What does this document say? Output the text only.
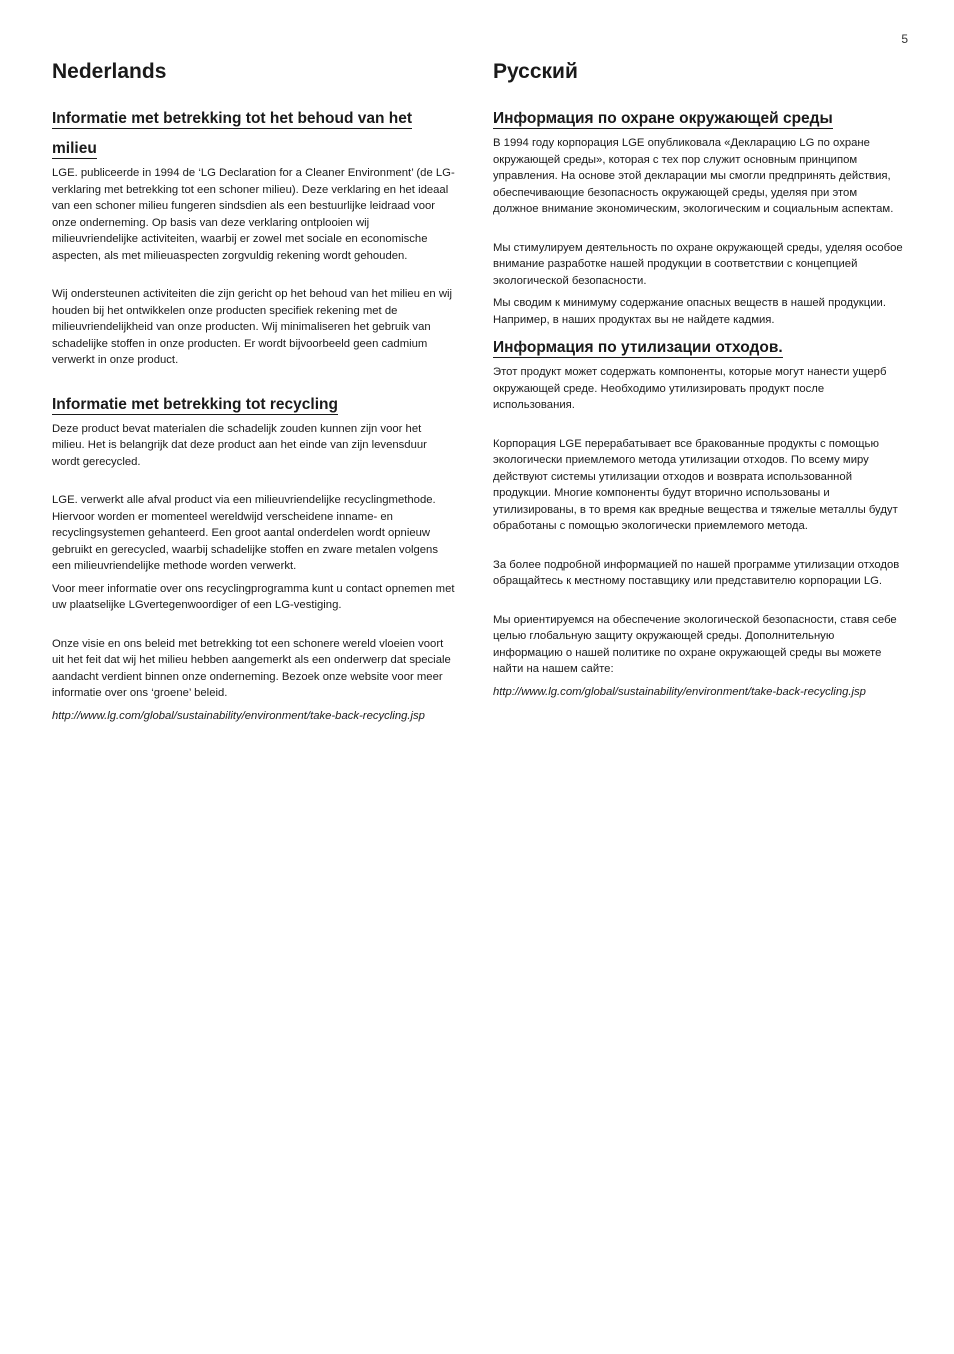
5
Nederlands
Informatie met betrekking tot het behoud van het
milieu

LGE. publiceerde in 1994 de ‘LG Declaration for a Cleaner Environment’ (de LG-verklaring met betrekking tot een schoner milieu). Deze verklaring en het ideaal van een schoner milieu fungeren sindsdien als een bestuurlijke leidraad voor onze onderneming. Op basis van deze verklaring ontplooien wij milieuvriendelijke activiteiten, waarbij er zowel met sociale en economische aspecten, als met milieuaspecten zorgvuldig rekening wordt gehouden.

Wij ondersteunen activiteiten die zijn gericht op het behoud van het milieu en wij houden bij het ontwikkelen onze producten specifiek rekening met de milieuvriendelijkheid van onze producten. Wij minimaliseren het gebruik van schadelijke stoffen in onze producten. Er wordt bijvoorbeeld geen cadmium verwerkt in onze product.

Informatie met betrekking tot recycling

Deze product bevat materialen die schadelijk zouden kunnen zijn voor het milieu. Het is belangrijk dat deze product aan het einde van zijn levensduur wordt gerecycled.

LGE. verwerkt alle afval product via een milieuvriendelijke recyclingmethode. Hiervoor worden er momenteel wereldwijd verscheidene inname- en recyclingsystemen gehanteerd. Een groot aantal onderdelen wordt opnieuw gebruikt en gerecycled, waarbij schadelijke stoffen en zware metalen volgens een milieuvriendelijke methode worden verwerkt.

Voor meer informatie over ons recyclingprogramma kunt u contact opnemen met uw plaatselijke LGvertegenwoordiger of een LG-vestiging.

Onze visie en ons beleid met betrekking tot een schonere wereld vloeien voort uit het feit dat wij het milieu hebben aangemerkt als een onderwerp dat speciale aandacht verdient binnen onze onderneming. Bezoek onze website voor meer informatie over ons ‘groene’ beleid.

http://www.lg.com/global/sustainability/environment/take-back-recycling.jsp

Русский
Информация по охране окружающей среды

В 1994 году корпорация LGE опубликовала «Декларацию LG по охране окружающей среды», которая с тех пор служит основным принципом управления. На основе этой декларации мы смогли предпринять действия, обеспечивающие безопасность окружающей среды, уделяя при этом должное внимание экономическим, экологическим и социальным аспектам.

Мы стимулируем деятельность по охране окружающей среды, уделяя особое внимание разработке нашей продукции в соответствии с концепцией экологической безопасности.

Мы сводим к минимуму содержание опасных веществ в нашей продукции. Например, в наших продуктах вы не найдете кадмия.

Информация по утилизации отходов.

Этот продукт может содержать компоненты, которые могут нанести ущерб окружающей среде. Необходимо утилизировать продукт после использования.

Корпорация LGE перерабатывает все бракованные продукты с помощью экологически приемлемого метода утилизации отходов. По всему миру действуют системы утилизации отходов и возврата использованной продукции. Многие компоненты будут вторично использованы и утилизированы, в то время как вредные вещества и тяжелые металлы будут обработаны с помощью экологически приемлемого метода.

За более подробной информацией по нашей программе утилизации отходов обращайтесь к местному поставщику или представителю корпорации LG.

Мы ориентируемся на обеспечение экологической безопасности, ставя себе целью глобальную защиту окружающей среды. Дополнительную информацию о нашей политике по охране окружающей среды вы можете найти на нашем сайте:

http://www.lg.com/global/sustainability/environment/take-back-recycling.jsp
